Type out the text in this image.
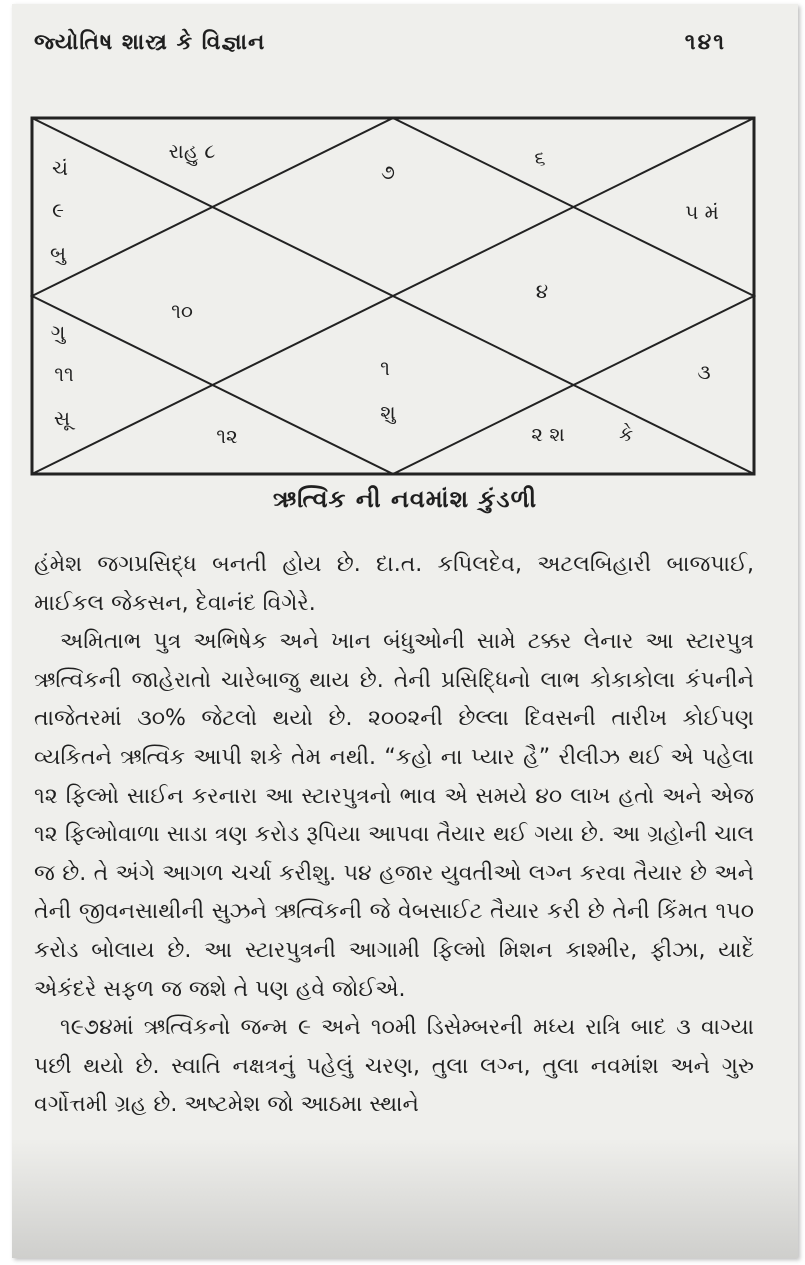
જ્યોતિષ શાસ્ત્ર કે વિજ્ઞાન	૧૪૧
રાહુ ૮
૭
૬
ચં
૯
બુ
૫ મં
૧૦
૪
ગુ
૧૧
સૂ
૧
શુ
૩
૧૨	૨ શ	કે
ઋત્વિક ની નવમાંશ કુંડળી

હંમેશ જગપ્રસિદ્ધ બનતી હોય છે. દા.ત. કપિલદેવ, અટલબિહારી બાજપાઈ, માઈકલ જેકસન, દેવાનંદ વિગેરે.

અમિતાભ પુત્ર અભિષેક અને ખાન બંધુઓની સામે ટક્કર લેનાર આ સ્ટારપુત્ર ઋત્વિકની જાહેરાતો ચારેબાજુ થાય છે. તેની પ્રસિદ્ધિનો લાભ કોકાકોલા કંપનીને તાજેતરમાં ૩૦% જેટલો થયો છે. ૨૦૦૨ની છેલ્લા દિવસની તારીખ કોઈપણ વ્યકિતને ઋત્વિક આપી શકે તેમ નથી. “કહો ના પ્યાર હૈ” રીલીઝ થઈ એ પહેલા ૧૨ ફિલ્મો સાઈન કરનારા આ સ્ટારપુત્રનો ભાવ એ સમયે ૪૦ લાખ હતો અને એજ ૧૨ ફિલ્મોવાળા સાડા ત્રણ કરોડ રૂપિયા આપવા તૈયાર થઈ ગયા છે. આ ગ્રહોની ચાલ જ છે. તે અંગે આગળ ચર્ચા કરીશુ. ૫૪ હજાર યુવતીઓ લગ્ન કરવા તૈયાર છે અને તેની જીવનસાથીની સુઝને ઋત્વિકની જે વેબસાઈટ તૈયાર કરી છે તેની કિંમત ૧૫૦ કરોડ બોલાય છે. આ સ્ટારપુત્રની આગામી ફિલ્મો મિશન કાશ્મીર, ફીઝા, યાદેં એકંદરે સફળ જ જશે તે પણ હવે જોઈએ.

૧૯૭૪માં ઋત્વિકનો જન્મ ૯ અને ૧૦મી ડિસેમ્બરની મધ્ય રાત્રિ બાદ ૩ વાગ્યા પછી થયો છે. સ્વાતિ નક્ષત્રનું પહેલું ચરણ, તુલા લગ્ન, તુલા નવમાંશ અને ગુરુ વર્ગોત્તમી ગ્રહ છે. અષ્ટમેશ જો આઠમા સ્થાને
